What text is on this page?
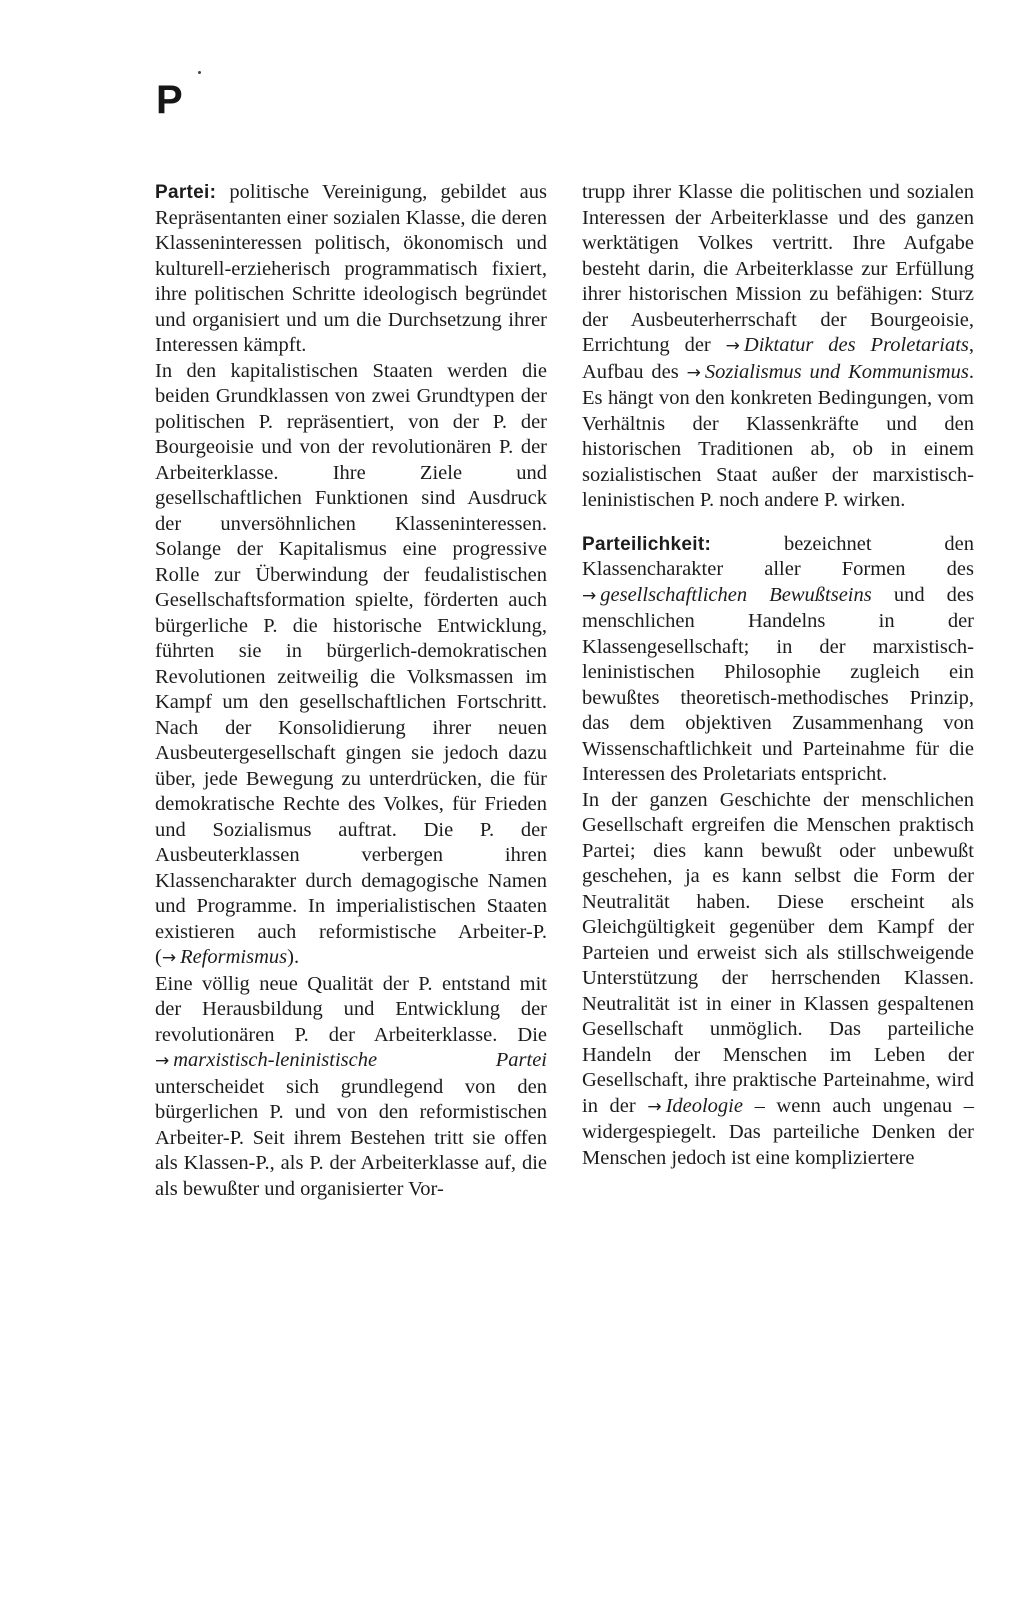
P

Partei: politische Vereinigung, gebildet aus Repräsentanten einer sozialen Klasse, die deren Klasseninteressen politisch, ökonomisch und kulturell-erzieherisch programmatisch fixiert, ihre politischen Schritte ideologisch begründet und organisiert und um die Durchsetzung ihrer Interessen kämpft.

In den kapitalistischen Staaten werden die beiden Grundklassen von zwei Grundtypen der politischen P. repräsentiert, von der P. der Bourgeoisie und von der revolutionären P. der Arbeiterklasse. Ihre Ziele und gesellschaftlichen Funktionen sind Ausdruck der unversöhnlichen Klasseninteressen. Solange der Kapitalismus eine progressive Rolle zur Überwindung der feudalistischen Gesellschaftsformation spielte, förderten auch bürgerliche P. die historische Entwicklung, führten sie in bürgerlich-demokratischen Revolutionen zeitweilig die Volksmassen im Kampf um den gesellschaftlichen Fortschritt. Nach der Konsolidierung ihrer neuen Ausbeutergesellschaft gingen sie jedoch dazu über, jede Bewegung zu unterdrücken, die für demokratische Rechte des Volkes, für Frieden und Sozialismus auftrat. Die P. der Ausbeuterklassen verbergen ihren Klassencharakter durch demagogische Namen und Programme. In imperialistischen Staaten existieren auch reformistische Arbeiter-P. (→ Reformismus).

Eine völlig neue Qualität der P. entstand mit der Herausbildung und Entwicklung der revolutionären P. der Arbeiterklasse. Die → marxistisch-leninistische Partei unterscheidet sich grundlegend von den bürgerlichen P. und von den reformistischen Arbeiter-P. Seit ihrem Bestehen tritt sie offen als Klassen-P., als P. der Arbeiterklasse auf, die als bewußter und organisierter Vor-

trupp ihrer Klasse die politischen und sozialen Interessen der Arbeiterklasse und des ganzen werktätigen Volkes vertritt. Ihre Aufgabe besteht darin, die Arbeiterklasse zur Erfüllung ihrer historischen Mission zu befähigen: Sturz der Ausbeuterherrschaft der Bourgeoisie, Errichtung der → Diktatur des Proletariats, Aufbau des → Sozialismus und Kommunismus. Es hängt von den konkreten Bedingungen, vom Verhältnis der Klassenkräfte und den historischen Traditionen ab, ob in einem sozialistischen Staat außer der marxistisch-leninistischen P. noch andere P. wirken.

Parteilichkeit: bezeichnet den Klassencharakter aller Formen des → gesellschaftlichen Bewußtseins und des menschlichen Handelns in der Klassengesellschaft; in der marxistisch-leninistischen Philosophie zugleich ein bewußtes theoretisch-methodisches Prinzip, das dem objektiven Zusammenhang von Wissenschaftlichkeit und Parteinahme für die Interessen des Proletariats entspricht.

In der ganzen Geschichte der menschlichen Gesellschaft ergreifen die Menschen praktisch Partei; dies kann bewußt oder unbewußt geschehen, ja es kann selbst die Form der Neutralität haben. Diese erscheint als Gleichgültigkeit gegenüber dem Kampf der Parteien und erweist sich als stillschweigende Unterstützung der herrschenden Klassen. Neutralität ist in einer in Klassen gespaltenen Gesellschaft unmöglich. Das parteiliche Handeln der Menschen im Leben der Gesellschaft, ihre praktische Parteinahme, wird in der → Ideologie – wenn auch ungenau – widergespiegelt. Das parteiliche Denken der Menschen jedoch ist eine kompliziertere
